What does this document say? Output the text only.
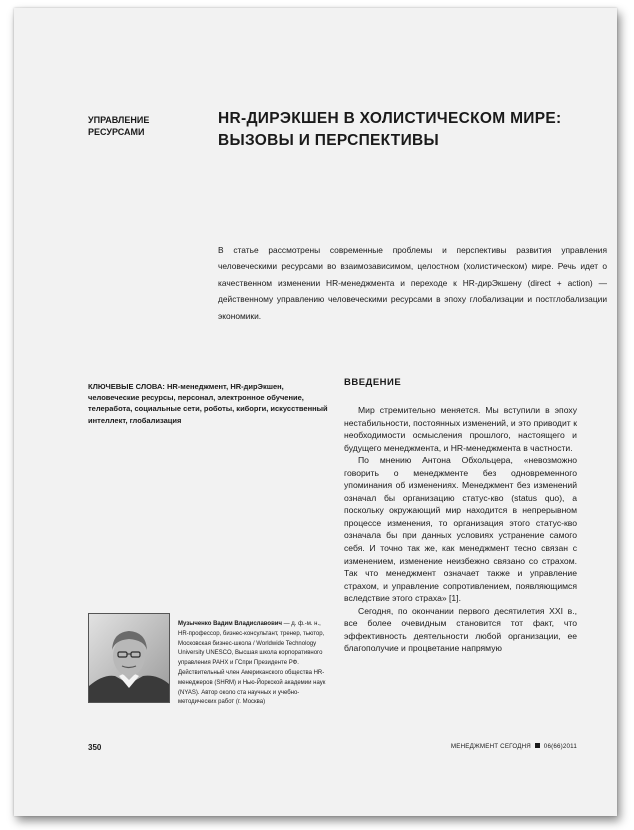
УПРАВЛЕНИЕ РЕСУРСАМИ
HR-ДИРЭКШЕН В ХОЛИСТИЧЕСКОМ МИРЕ: ВЫЗОВЫ И ПЕРСПЕКТИВЫ

В статье рассмотрены современные проблемы и перспективы развития управления человеческими ресурсами во взаимозависимом, целостном (холистическом) мире. Речь идет о качественном изменении HR-менеджмента и переходе к HR-дирЭкшену (direct + action) — действенному управлению человеческими ресурсами в эпоху глобализации и постглобализации экономики.

КЛЮЧЕВЫЕ СЛОВА: HR-менеджмент, HR-дирЭкшен, человеческие ресурсы, персонал, электронное обучение, телеработа, социальные сети, роботы, киборги, искусственный интеллект, глобализация

ВВЕДЕНИЕ

Мир стремительно меняется. Мы вступили в эпоху нестабильности, постоянных изменений, и это приводит к необходимости осмысления прошлого, настоящего и будущего менеджмента, и HR-менеджмента в частности.

По мнению Антона Обхольцера, «невозможно говорить о менеджменте без одновременного упоминания об изменениях. Менеджмент без изменений означал бы организацию статус-кво (status quo), а поскольку окружающий мир находится в непрерывном процессе изменения, то организация этого статус-кво означала бы при данных условиях устранение самого себя. И точно так же, как менеджмент тесно связан с изменением, изменение неизбежно связано со страхом. Так что менеджмент означает также и управление страхом, и управление сопротивлением, появляющимся вследствие этого страха» [1].

Сегодня, по окончании первого десятилетия XXI в., все более очевидным становится тот факт, что эффективность деятельности любой организации, ее благополучие и процветание напрямую

Музыченко Вадим Владиславович — д. ф.-м. н., HR-профессор, бизнес-консультант, тренер, тьютор, Московская бизнес-школа / Worldwide Technology University UNESCO, Высшая школа корпоративного управления РАНХ и ГСпри Президенте РФ. Действительный член Американского общества HR-менеджеров (SHRM) и Нью-Йоркской академии наук (NYAS). Автор около ста научных и учебно-методических работ (г. Москва)

350	МЕНЕДЖМЕНТ СЕГОДНЯ 06(66)2011
